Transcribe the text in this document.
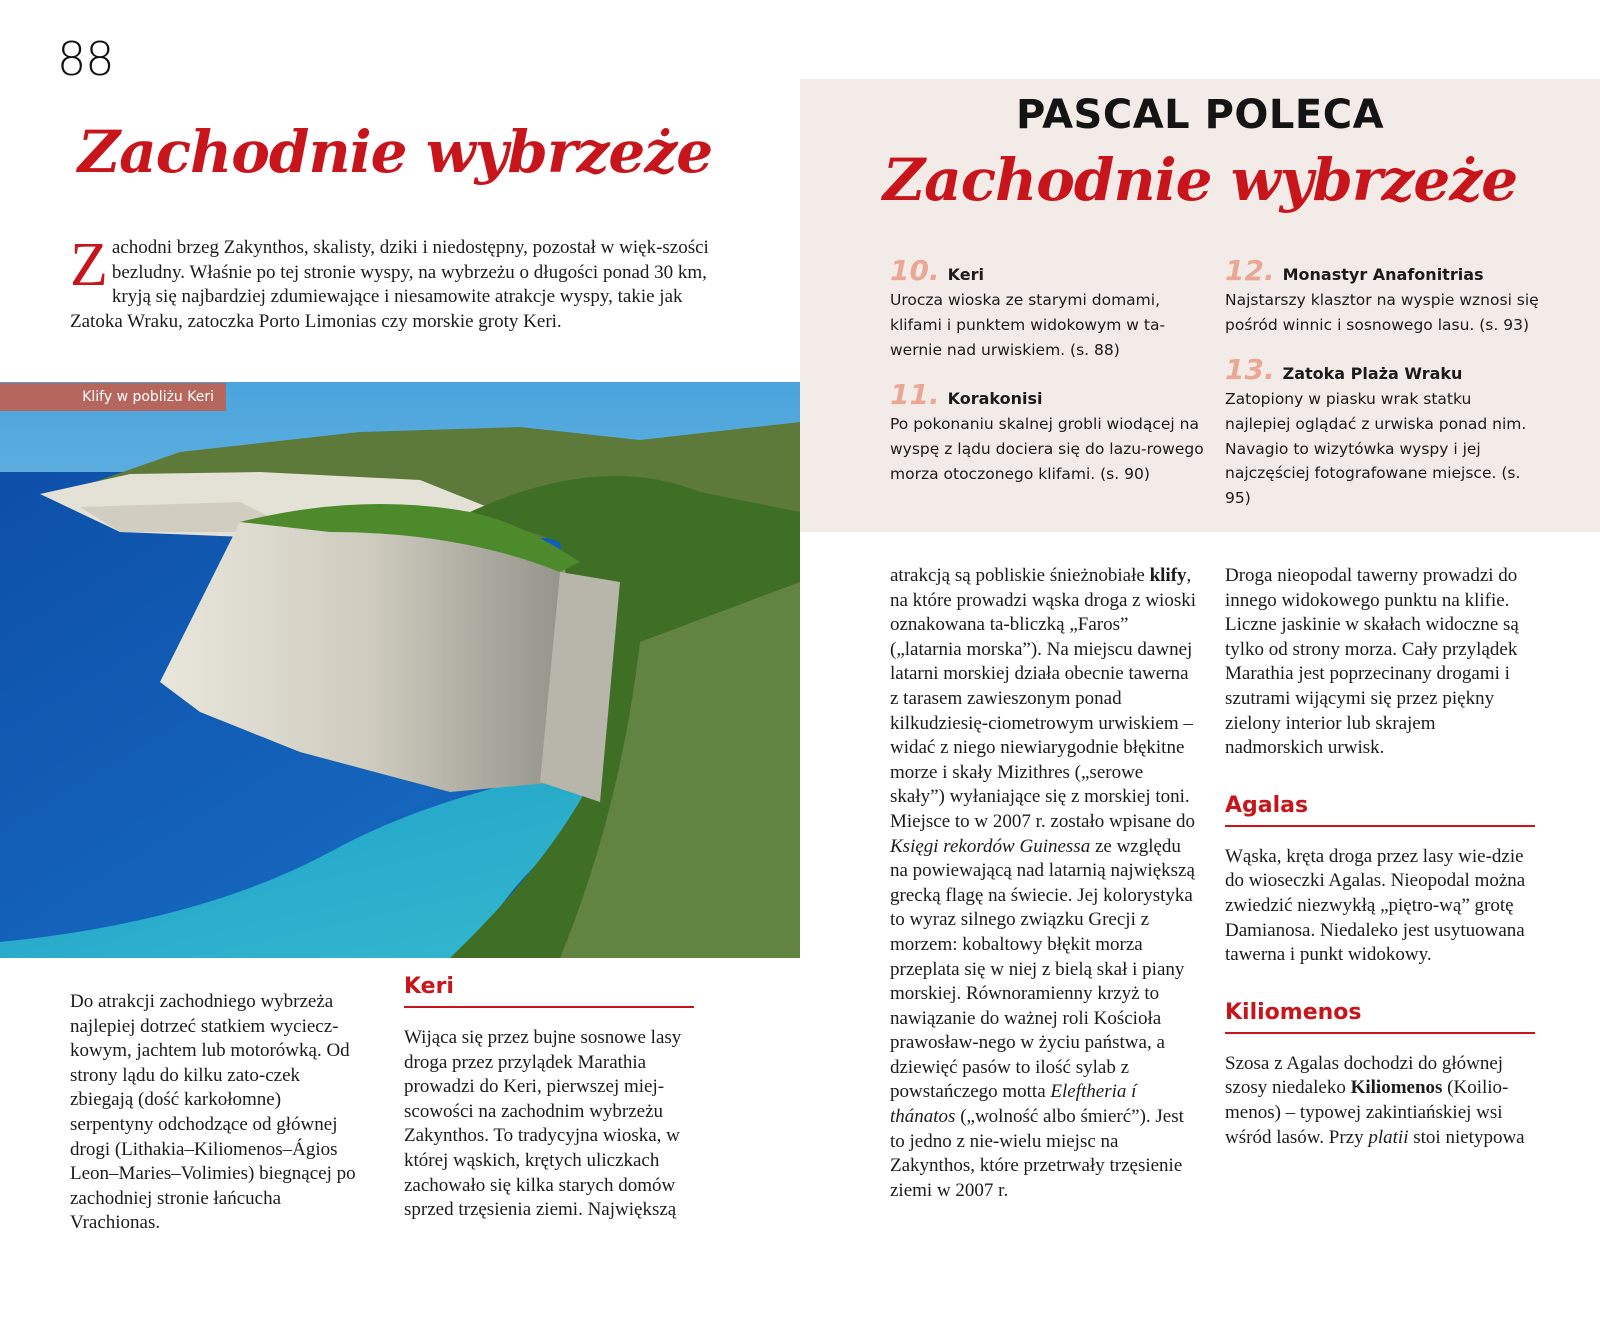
88
Zachodnie wybrzeże
Zachodni brzeg Zakynthos, skalisty, dziki i niedostępny, pozostał w więk-szości bezludny. Właśnie po tej stronie wyspy, na wybrzeżu o długości ponad 30 km, kryją się najbardziej zdumiewające i niesamowite atrakcje wyspy, takie jak Zatoka Wraku, zatoczka Porto Limonias czy morskie groty Keri.
Klify w pobliżu Keri
Do atrakcji zachodniego wybrzeża najlepiej dotrzeć statkiem wyciecz-kowym, jachtem lub motorówką. Od strony lądu do kilku zato-czek zbiegają (dość karkołomne) serpentyny odchodzące od głównej drogi (Lithakia–Kiliomenos–Ágios Leon–Maries–Volimies) biegnącej po zachodniej stronie łańcucha Vrachionas.
Keri
Wijąca się przez bujne sosnowe lasy droga przez przylądek Marathia prowadzi do Keri, pierwszej miej-scowości na zachodnim wybrzeżu Zakynthos. To tradycyjna wioska, w której wąskich, krętych uliczkach zachowało się kilka starych domów sprzed trzęsienia ziemi. Największą
PASCAL POLECA
Zachodnie wybrzeże
10. Keri
Urocza wioska ze starymi domami, klifami i punktem widokowym w ta-wernie nad urwiskiem. (s. 88)
11. Korakonisi
Po pokonaniu skalnej grobli wiodącej na wyspę z lądu dociera się do lazu-rowego morza otoczonego klifami. (s. 90)
12. Monastyr Anafonitrias
Najstarszy klasztor na wyspie wznosi się pośród winnic i sosnowego lasu. (s. 93)
13. Zatoka Plaża Wraku
Zatopiony w piasku wrak statku najlepiej oglądać z urwiska ponad nim. Navagio to wizytówka wyspy i jej najczęściej fotografowane miejsce. (s. 95)
atrakcją są pobliskie śnieżnobiałe klify, na które prowadzi wąska droga z wioski oznakowana ta-bliczką „Faros” („latarnia morska”). Na miejscu dawnej latarni morskiej działa obecnie tawerna z tarasem zawieszonym ponad kilkudziesię-ciometrowym urwiskiem – widać z niego niewiarygodnie błękitne morze i skały Mizithres („serowe skały”) wyłaniające się z morskiej toni. Miejsce to w 2007 r. zostało wpisane do Księgi rekordów Guinessa ze względu na powiewającą nad latarnią największą grecką flagę na świecie. Jej kolorystyka to wyraz silnego związku Grecji z morzem: kobaltowy błękit morza przeplata się w niej z bielą skał i piany morskiej. Równoramienny krzyż to nawiązanie do ważnej roli Kościoła prawosław-nego w życiu państwa, a dziewięć pasów to ilość sylab z powstańczego motta Eleftheria í thánatos („wolność albo śmierć”). Jest to jedno z nie-wielu miejsc na Zakynthos, które przetrwały trzęsienie ziemi w 2007 r.
Droga nieopodal tawerny prowadzi do innego widokowego punktu na klifie. Liczne jaskinie w skałach widoczne są tylko od strony morza. Cały przylądek Marathia jest poprzecinany drogami i szutrami wijącymi się przez piękny zielony interior lub skrajem nadmorskich urwisk.
Agalas
Wąska, kręta droga przez lasy wie-dzie do wioseczki Agalas. Nieopodal można zwiedzić niezwykłą „piętro-wą” grotę Damianosa. Niedaleko jest usytuowana tawerna i punkt widokowy.
Kiliomenos
Szosa z Agalas dochodzi do głównej szosy niedaleko Kiliomenos (Koilio-menos) – typowej zakintiańskiej wsi wśród lasów. Przy platii stoi nietypowa
